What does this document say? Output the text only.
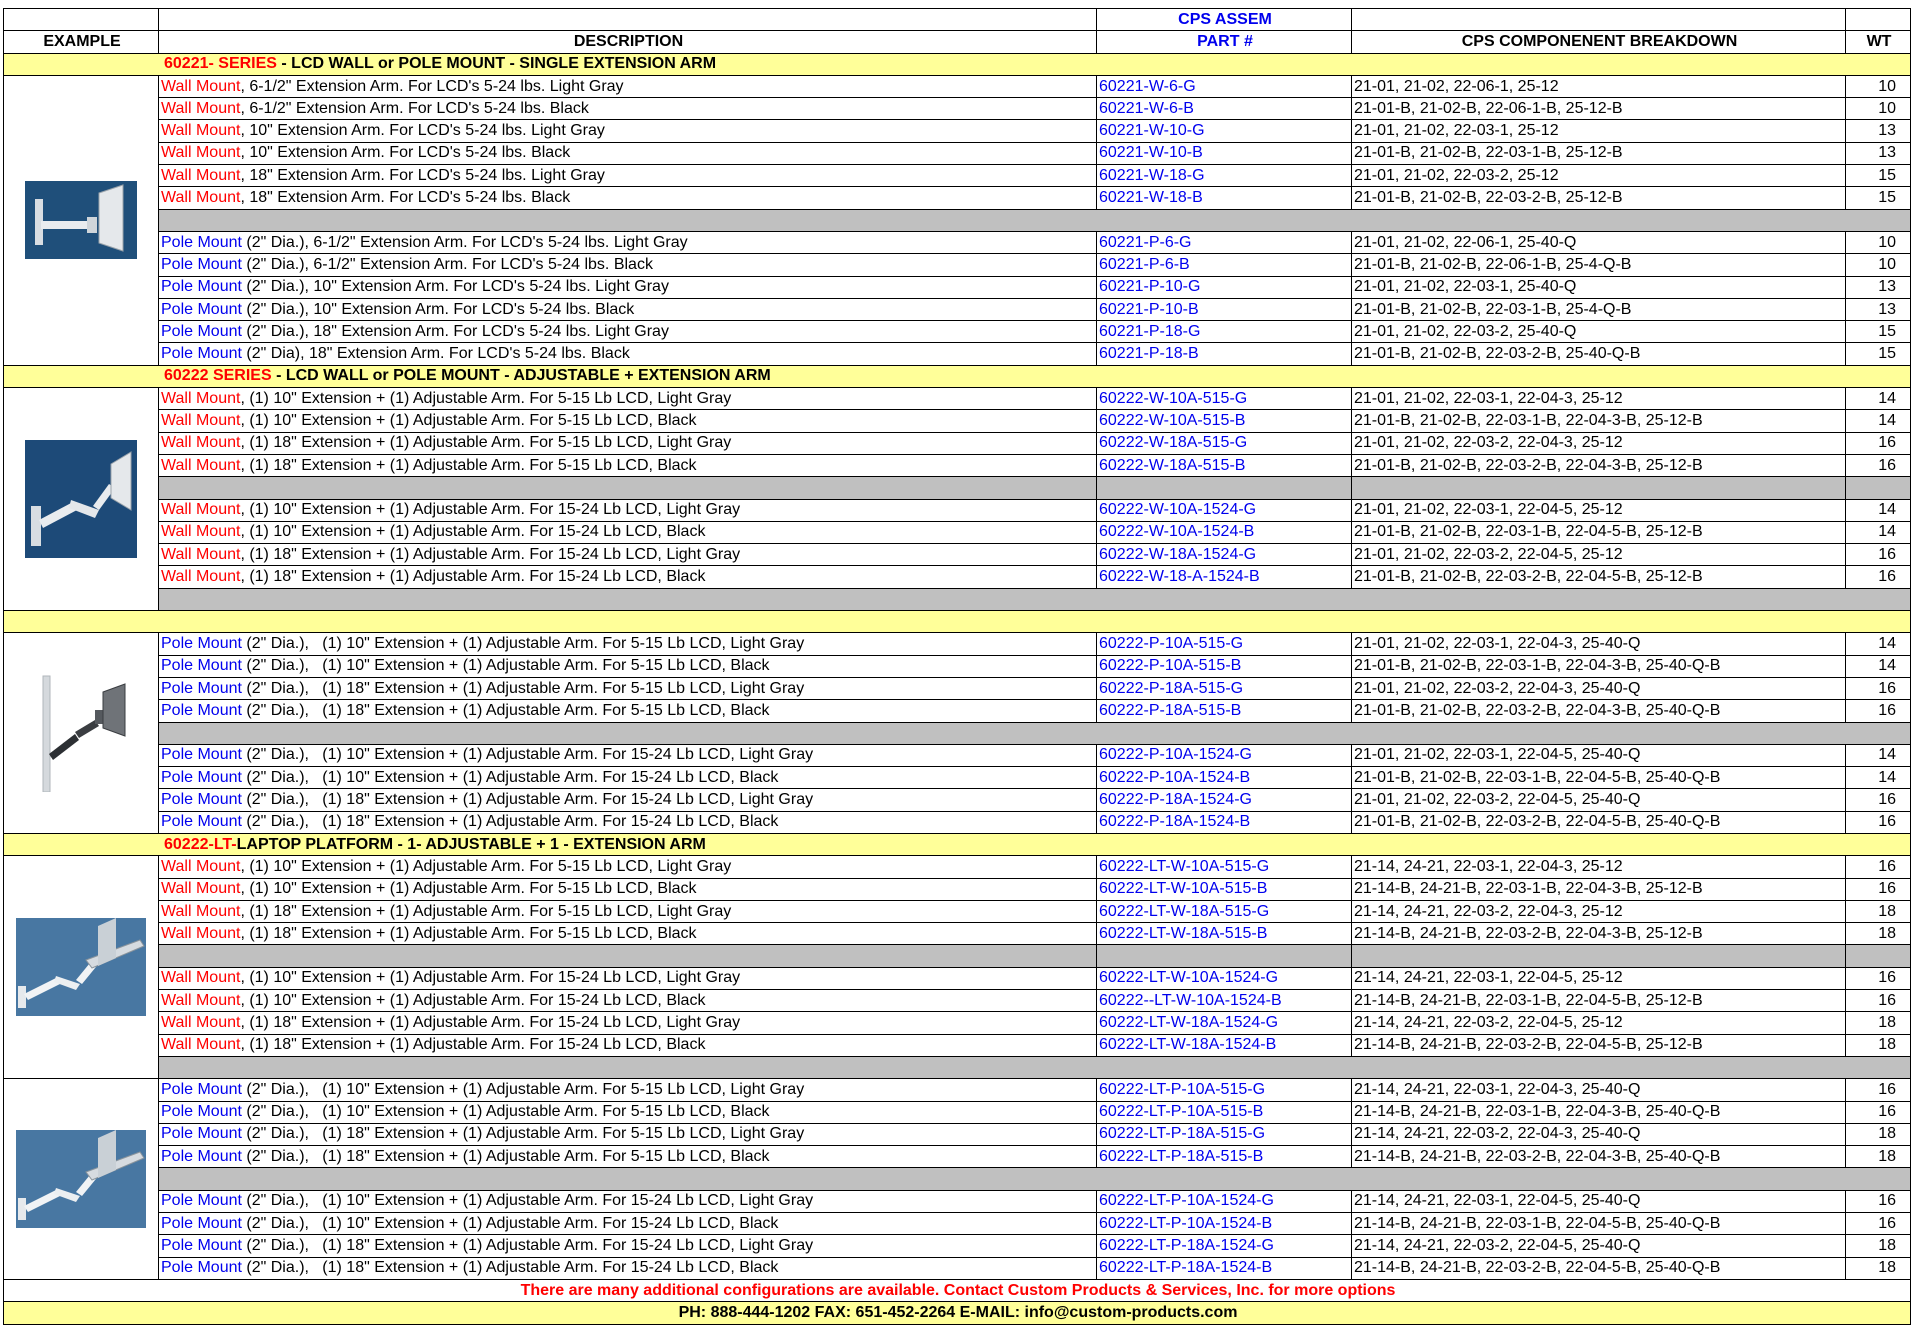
		CPS ASSEM		
EXAMPLE	DESCRIPTION	PART #	CPS COMPONENENT BREAKDOWN	WT
60221- SERIES - LCD WALL or POLE MOUNT - SINGLE EXTENSION ARM				

	Wall Mount, 6-1/2" Extension Arm. For LCD's 5-24 lbs. Light Gray	60221-W-6-G	21-01, 21-02, 22-06-1, 25-12	10
	Wall Mount, 6-1/2" Extension Arm. For LCD's 5-24 lbs. Black	60221-W-6-B	21-01-B, 21-02-B, 22-06-1-B, 25-12-B	10
	Wall Mount, 10" Extension Arm. For LCD's 5-24 lbs. Light Gray	60221-W-10-G	21-01, 21-02, 22-03-1, 25-12	13
	Wall Mount, 10" Extension Arm. For LCD's 5-24 lbs. Black	60221-W-10-B	21-01-B, 21-02-B, 22-03-1-B, 25-12-B	13
	Wall Mount, 18" Extension Arm. For LCD's 5-24 lbs. Light Gray	60221-W-18-G	21-01, 21-02, 22-03-2, 25-12	15
	Wall Mount, 18" Extension Arm. For LCD's 5-24 lbs. Black	60221-W-18-B	21-01-B, 21-02-B, 22-03-2-B, 25-12-B	15

	Pole Mount (2" Dia.), 6-1/2" Extension Arm. For LCD's 5-24 lbs. Light Gray	60221-P-6-G	21-01, 21-02, 22-06-1, 25-40-Q	10
	Pole Mount (2" Dia.), 6-1/2" Extension Arm. For LCD's 5-24 lbs. Black	60221-P-6-B	21-01-B, 21-02-B, 22-06-1-B, 25-4-Q-B	10
	Pole Mount (2" Dia.), 10" Extension Arm. For LCD's 5-24 lbs. Light Gray	60221-P-10-G	21-01, 21-02, 22-03-1, 25-40-Q	13
	Pole Mount (2" Dia.), 10" Extension Arm. For LCD's 5-24 lbs. Black	60221-P-10-B	21-01-B, 21-02-B, 22-03-1-B, 25-4-Q-B	13
	Pole Mount (2" Dia.), 18" Extension Arm. For LCD's 5-24 lbs. Light Gray	60221-P-18-G	21-01, 21-02, 22-03-2, 25-40-Q	15
	Pole Mount (2" Dia), 18" Extension Arm. For LCD's 5-24 lbs. Black	60221-P-18-B	21-01-B, 21-02-B, 22-03-2-B, 25-40-Q-B	15
60222 SERIES - LCD WALL or POLE MOUNT - ADJUSTABLE + EXTENSION ARM				

	Wall Mount, (1) 10" Extension + (1) Adjustable Arm. For 5-15 Lb LCD, Light Gray	60222-W-10A-515-G	21-01, 21-02, 22-03-1, 22-04-3, 25-12	14
	Wall Mount, (1) 10" Extension + (1) Adjustable Arm. For 5-15 Lb LCD, Black	60222-W-10A-515-B	21-01-B, 21-02-B, 22-03-1-B, 22-04-3-B, 25-12-B	14
	Wall Mount, (1) 18" Extension + (1) Adjustable Arm. For 5-15 Lb LCD, Light Gray	60222-W-18A-515-G	21-01, 21-02, 22-03-2, 22-04-3, 25-12	16
	Wall Mount, (1) 18" Extension + (1) Adjustable Arm. For 5-15 Lb LCD, Black	60222-W-18A-515-B	21-01-B, 21-02-B, 22-03-2-B, 22-04-3-B, 25-12-B	16

	Wall Mount, (1) 10" Extension + (1) Adjustable Arm. For 15-24 Lb LCD, Light Gray	60222-W-10A-1524-G	21-01, 21-02, 22-03-1, 22-04-5, 25-12	14
	Wall Mount, (1) 10" Extension + (1) Adjustable Arm. For 15-24 Lb LCD, Black	60222-W-10A-1524-B	21-01-B, 21-02-B, 22-03-1-B, 22-04-5-B, 25-12-B	14
	Wall Mount, (1) 18" Extension + (1) Adjustable Arm. For 15-24 Lb LCD, Light Gray	60222-W-18A-1524-G	21-01, 21-02, 22-03-2, 22-04-5, 25-12	16
	Wall Mount, (1) 18" Extension + (1) Adjustable Arm. For 15-24 Lb LCD, Black	60222-W-18-A-1524-B	21-01-B, 21-02-B, 22-03-2-B, 22-04-5-B, 25-12-B	16

	Pole Mount (2" Dia.),   (1) 10" Extension + (1) Adjustable Arm. For 5-15 Lb LCD, Light Gray	60222-P-10A-515-G	21-01, 21-02, 22-03-1, 22-04-3, 25-40-Q	14
	Pole Mount (2" Dia.),   (1) 10" Extension + (1) Adjustable Arm. For 5-15 Lb LCD, Black	60222-P-10A-515-B	21-01-B, 21-02-B, 22-03-1-B, 22-04-3-B, 25-40-Q-B	14
	Pole Mount (2" Dia.),   (1) 18" Extension + (1) Adjustable Arm. For 5-15 Lb LCD, Light Gray	60222-P-18A-515-G	21-01, 21-02, 22-03-2, 22-04-3, 25-40-Q	16
	Pole Mount (2" Dia.),   (1) 18" Extension + (1) Adjustable Arm. For 5-15 Lb LCD, Black	60222-P-18A-515-B	21-01-B, 21-02-B, 22-03-2-B, 22-04-3-B, 25-40-Q-B	16

	Pole Mount (2" Dia.),   (1) 10" Extension + (1) Adjustable Arm. For 15-24 Lb LCD, Light Gray	60222-P-10A-1524-G	21-01, 21-02, 22-03-1, 22-04-5, 25-40-Q	14
	Pole Mount (2" Dia.),   (1) 10" Extension + (1) Adjustable Arm. For 15-24 Lb LCD, Black	60222-P-10A-1524-B	21-01-B, 21-02-B, 22-03-1-B, 22-04-5-B, 25-40-Q-B	14
	Pole Mount (2" Dia.),   (1) 18" Extension + (1) Adjustable Arm. For 15-24 Lb LCD, Light Gray	60222-P-18A-1524-G	21-01, 21-02, 22-03-2, 22-04-5, 25-40-Q	16
	Pole Mount (2" Dia.),   (1) 18" Extension + (1) Adjustable Arm. For 15-24 Lb LCD, Black	60222-P-18A-1524-B	21-01-B, 21-02-B, 22-03-2-B, 22-04-5-B, 25-40-Q-B	16
60222-LT-LAPTOP PLATFORM - 1- ADJUSTABLE + 1 - EXTENSION ARM				

	Wall Mount, (1) 10" Extension + (1) Adjustable Arm. For 5-15 Lb LCD, Light Gray	60222-LT-W-10A-515-G	21-14, 24-21, 22-03-1, 22-04-3, 25-12	16
	Wall Mount, (1) 10" Extension + (1) Adjustable Arm. For 5-15 Lb LCD, Black	60222-LT-W-10A-515-B	21-14-B, 24-21-B, 22-03-1-B, 22-04-3-B, 25-12-B	16
	Wall Mount, (1) 18" Extension + (1) Adjustable Arm. For 5-15 Lb LCD, Light Gray	60222-LT-W-18A-515-G	21-14, 24-21, 22-03-2, 22-04-3, 25-12	18
	Wall Mount, (1) 18" Extension + (1) Adjustable Arm. For 5-15 Lb LCD, Black	60222-LT-W-18A-515-B	21-14-B, 24-21-B, 22-03-2-B, 22-04-3-B, 25-12-B	18

	Wall Mount, (1) 10" Extension + (1) Adjustable Arm. For 15-24 Lb LCD, Light Gray	60222-LT-W-10A-1524-G	21-14, 24-21, 22-03-1, 22-04-5, 25-12	16
	Wall Mount, (1) 10" Extension + (1) Adjustable Arm. For 15-24 Lb LCD, Black	60222--LT-W-10A-1524-B	21-14-B, 24-21-B, 22-03-1-B, 22-04-5-B, 25-12-B	16
	Wall Mount, (1) 18" Extension + (1) Adjustable Arm. For 15-24 Lb LCD, Light Gray	60222-LT-W-18A-1524-G	21-14, 24-21, 22-03-2, 22-04-5, 25-12	18
	Wall Mount, (1) 18" Extension + (1) Adjustable Arm. For 15-24 Lb LCD, Black	60222-LT-W-18A-1524-B	21-14-B, 24-21-B, 22-03-2-B, 22-04-5-B, 25-12-B	18

	Pole Mount (2" Dia.),   (1) 10" Extension + (1) Adjustable Arm. For 5-15 Lb LCD, Light Gray	60222-LT-P-10A-515-G	21-14, 24-21, 22-03-1, 22-04-3, 25-40-Q	16
	Pole Mount (2" Dia.),   (1) 10" Extension + (1) Adjustable Arm. For 5-15 Lb LCD, Black	60222-LT-P-10A-515-B	21-14-B, 24-21-B, 22-03-1-B, 22-04-3-B, 25-40-Q-B	16
	Pole Mount (2" Dia.),   (1) 18" Extension + (1) Adjustable Arm. For 5-15 Lb LCD, Light Gray	60222-LT-P-18A-515-G	21-14, 24-21, 22-03-2, 22-04-3, 25-40-Q	18
	Pole Mount (2" Dia.),   (1) 18" Extension + (1) Adjustable Arm. For 5-15 Lb LCD, Black	60222-LT-P-18A-515-B	21-14-B, 24-21-B, 22-03-2-B, 22-04-3-B, 25-40-Q-B	18

	Pole Mount (2" Dia.),   (1) 10" Extension + (1) Adjustable Arm. For 15-24 Lb LCD, Light Gray	60222-LT-P-10A-1524-G	21-14, 24-21, 22-03-1, 22-04-5, 25-40-Q	16
	Pole Mount (2" Dia.),   (1) 10" Extension + (1) Adjustable Arm. For 15-24 Lb LCD, Black	60222-LT-P-10A-1524-B	21-14-B, 24-21-B, 22-03-1-B, 22-04-5-B, 25-40-Q-B	16
	Pole Mount (2" Dia.),   (1) 18" Extension + (1) Adjustable Arm. For 15-24 Lb LCD, Light Gray	60222-LT-P-18A-1524-G	21-14, 24-21, 22-03-2, 22-04-5, 25-40-Q	18
	Pole Mount (2" Dia.),   (1) 18" Extension + (1) Adjustable Arm. For 15-24 Lb LCD, Black	60222-LT-P-18A-1524-B	21-14-B, 24-21-B, 22-03-2-B, 22-04-5-B, 25-40-Q-B	18
There are many additional configurations are available. Contact Custom Products & Services, Inc. for more options				
PH: 888-444-1202 FAX: 651-452-2264 E-MAIL: info@custom-products.com				
